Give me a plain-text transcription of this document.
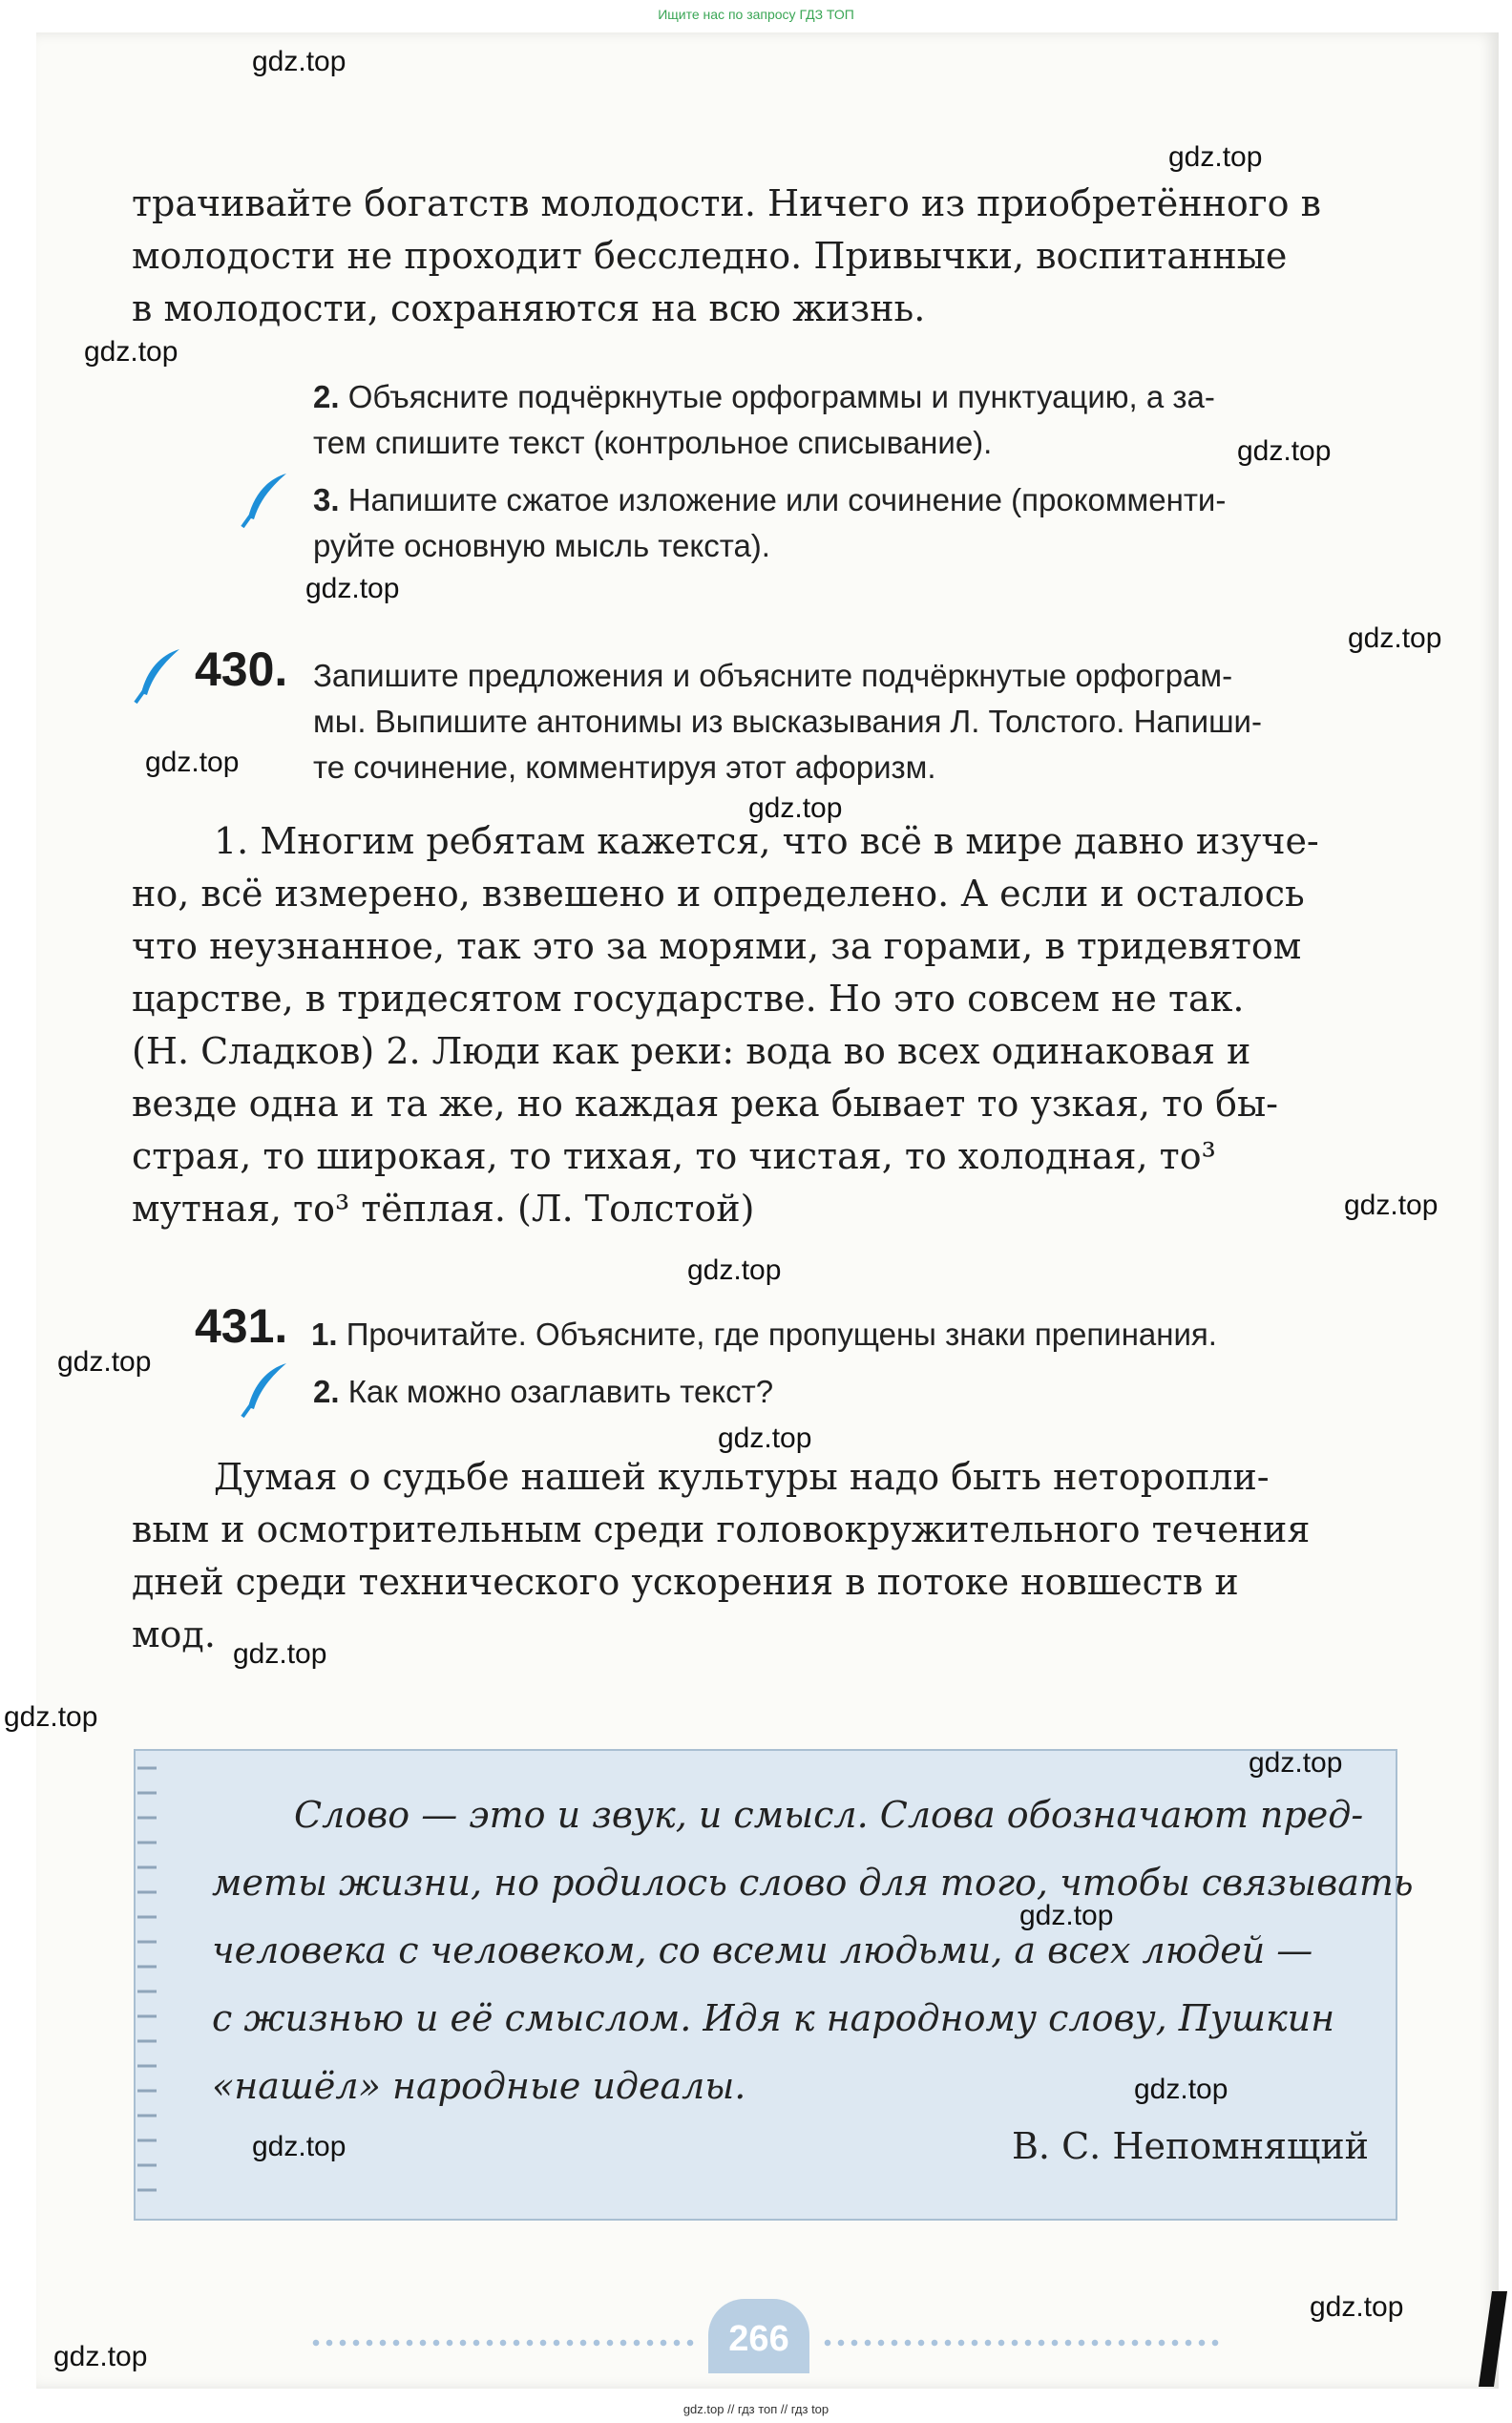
Ищите нас по запросу ГДЗ ТОП
трачивайте богатств молодости. Ничего из приобретённого в
молодости не проходит бесследно. Привычки, воспитанные
в молодости, сохраняются на всю жизнь.
2. Объясните подчёркнутые орфограммы и пунктуацию, а за-
тем спишите текст (контрольное списывание).
3. Напишите сжатое изложение или сочинение (прокомменти-
руйте основную мысль текста).
430. Запишите предложения и объясните подчёркнутые орфограм-
мы. Выпишите антонимы из высказывания Л. Толстого. Напиши-
те сочинение, комментируя этот афоризм.
1. Многим ребятам кажется, что всё в мире давно изуче-
но, всё измерено, взвешено и определено. А если и осталось
что неузнанное, так это за морями, за горами, в тридевятом
царстве, в тридесятом государстве. Но это совсем не так.
(Н. Сладков) 2. Люди как реки: вода во всех одинаковая и
везде одна и та же, но каждая река бывает то узкая, то бы-
страя, то широкая, то тихая, то чистая, то холодная, то³
мутная, то³ тёплая. (Л. Толстой)
431. 1. Прочитайте. Объясните, где пропущены знаки препинания.
2. Как можно озаглавить текст?
Думая о судьбе нашей культуры надо быть неторопли-
вым и осмотрительным среди головокружительного течения
дней среди технического ускорения в потоке новшеств и
мод.
Слово — это и звук, и смысл. Слова обозначают пред-
меты жизни, но родилось слово для того, чтобы связывать
человека с человеком, со всеми людьми, а всех людей —
с жизнью и её смыслом. Идя к народному слову, Пушкин
«нашёл» народные идеалы.
В. С. Непомнящий
266
gdz.top
gdz.top
gdz.top
gdz.top
gdz.top
gdz.top
gdz.top
gdz.top
gdz.top
gdz.top
gdz.top
gdz.top
gdz.top
gdz.top
gdz.top
gdz.top
gdz.top
gdz.top
gdz.top
gdz.top
gdz.top // гдз топ // гдз top
